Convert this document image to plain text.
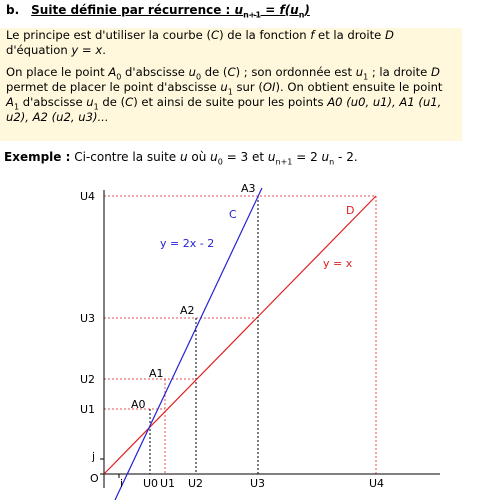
b. Suite définie par récurrence : $u_{n+1} = f(u_n)$

Le principe est d'utiliser la courbe (C) de la fonction f et la droite D d'équation y = x.

On place le point $A_0$ d'abscisse $u_0$ de (C) ; son ordonnée est $u_1$ ; la droite D permet de placer le point d'abscisse $u_1$ sur (OI). On obtient ensuite le point $A_1$ d'abscisse $u_1$ de (C) et ainsi de suite pour les points A0 (u0, u1), A1 (u1, u2), A2 (u2, u3)...

Exemple : Ci-contre la suite u où $u_0 = 3$ et $u_{n+1} = 2$ $u_n - 2$.
O i
j
U0 U1 U2	U3	U4
U1
U2
U3
U4
A0
A1
A2
A3
C
y = 2x - 2
D
y = x
